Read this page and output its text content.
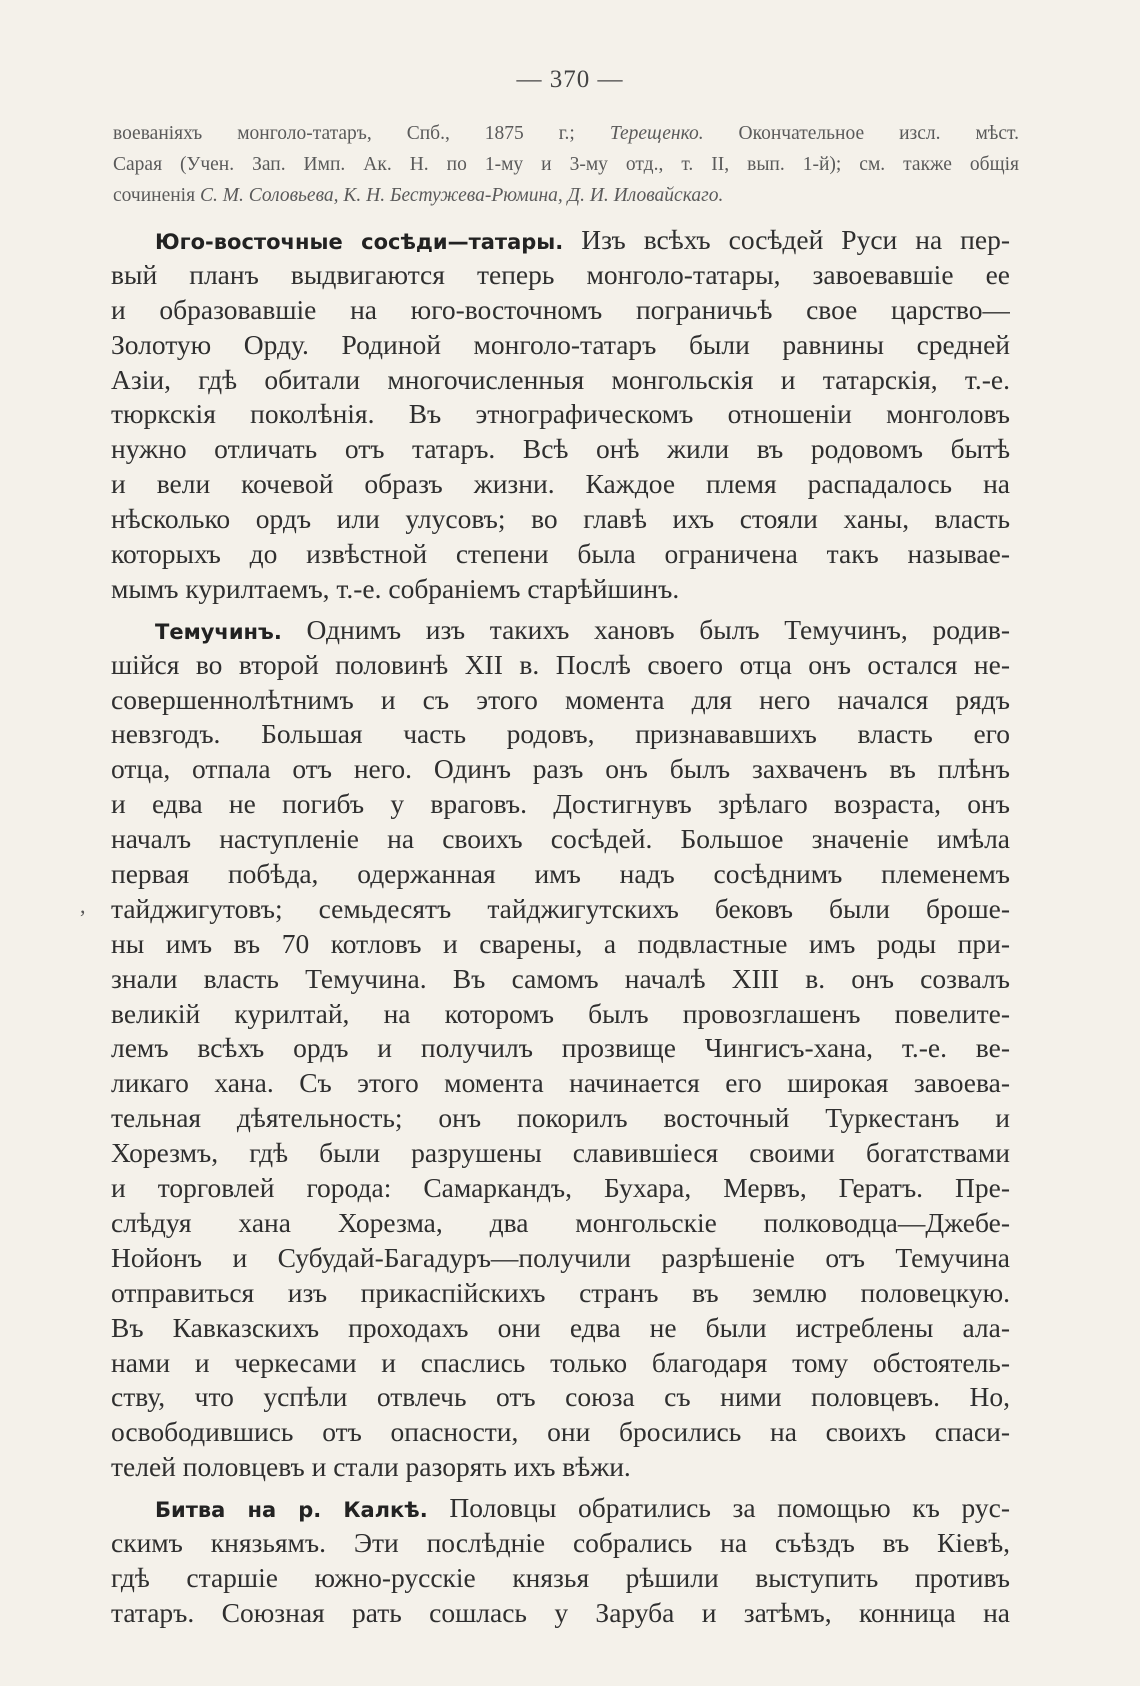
— 370 —
воеваніяхъ монголо-татаръ, Спб., 1875 г.; Терещенко. Окончательное изсл. мѣст.
Сарая (Учен. Зап. Имп. Ак. Н. по 1-му и 3-му отд., т. II, вып. 1-й); см. также общія
сочиненія С. М. Соловьева, К. Н. Бестужева-Рюмина, Д. И. Иловайскаго.
,
Юго-восточные сосѣди—татары. Изъ всѣхъ сосѣдей Руси на пер-
вый планъ выдвигаются теперь монголо-татары, завоевавшіе ее
и образовавшіе на юго-восточномъ пограничьѣ свое царство—
Золотую Орду. Родиной монголо-татаръ были равнины средней
Азіи, гдѣ обитали многочисленныя монгольскія и татарскія, т.-е.
тюркскія поколѣнія. Въ этнографическомъ отношеніи монголовъ
нужно отличать отъ татаръ. Всѣ онѣ жили въ родовомъ бытѣ
и вели кочевой образъ жизни. Каждое племя распадалось на
нѣсколько ордъ или улусовъ; во главѣ ихъ стояли ханы, власть
которыхъ до извѣстной степени была ограничена такъ называе-
мымъ курилтаемъ, т.-е. собраніемъ старѣйшинъ.
Темучинъ. Однимъ изъ такихъ хановъ былъ Темучинъ, родив-
шійся во второй половинѣ XII в. Послѣ своего отца онъ остался не-
совершеннолѣтнимъ и съ этого момента для него начался рядъ
невзгодъ. Большая часть родовъ, признававшихъ власть его
отца, отпала отъ него. Одинъ разъ онъ былъ захваченъ въ плѣнъ
и едва не погибъ у враговъ. Достигнувъ зрѣлаго возраста, онъ
началъ наступленіе на своихъ сосѣдей. Большое значеніе имѣла
первая побѣда, одержанная имъ надъ сосѣднимъ племенемъ
тайджигутовъ; семьдесятъ тайджигутскихъ бековъ были броше-
ны имъ въ 70 котловъ и сварены, а подвластные имъ роды при-
знали власть Темучина. Въ самомъ началѣ XIII в. онъ созвалъ
великій курилтай, на которомъ былъ провозглашенъ повелите-
лемъ всѣхъ ордъ и получилъ прозвище Чингисъ-хана, т.-е. ве-
ликаго хана. Съ этого момента начинается его широкая завоева-
тельная дѣятельность; онъ покорилъ восточный Туркестанъ и
Хорезмъ, гдѣ были разрушены славившіеся своими богатствами
и торговлей города: Самаркандъ, Бухара, Мервъ, Гератъ. Пре-
слѣдуя хана Хорезма, два монгольскіе полководца—Джебе-
Нойонъ и Субудай-Багадуръ—получили разрѣшеніе отъ Темучина
отправиться изъ прикаспійскихъ странъ въ землю половецкую.
Въ Кавказскихъ проходахъ они едва не были истреблены ала-
нами и черкесами и спаслись только благодаря тому обстоятель-
ству, что успѣли отвлечь отъ союза съ ними половцевъ. Но,
освободившись отъ опасности, они бросились на своихъ спаси-
телей половцевъ и стали разорять ихъ вѣжи.
Битва на р. Калкѣ. Половцы обратились за помощью къ рус-
скимъ князьямъ. Эти послѣдніе собрались на съѣздъ въ Кіевѣ,
гдѣ старшіе южно-русскіе князья рѣшили выступить противъ
татаръ. Союзная рать сошлась у Заруба и затѣмъ, конница на
